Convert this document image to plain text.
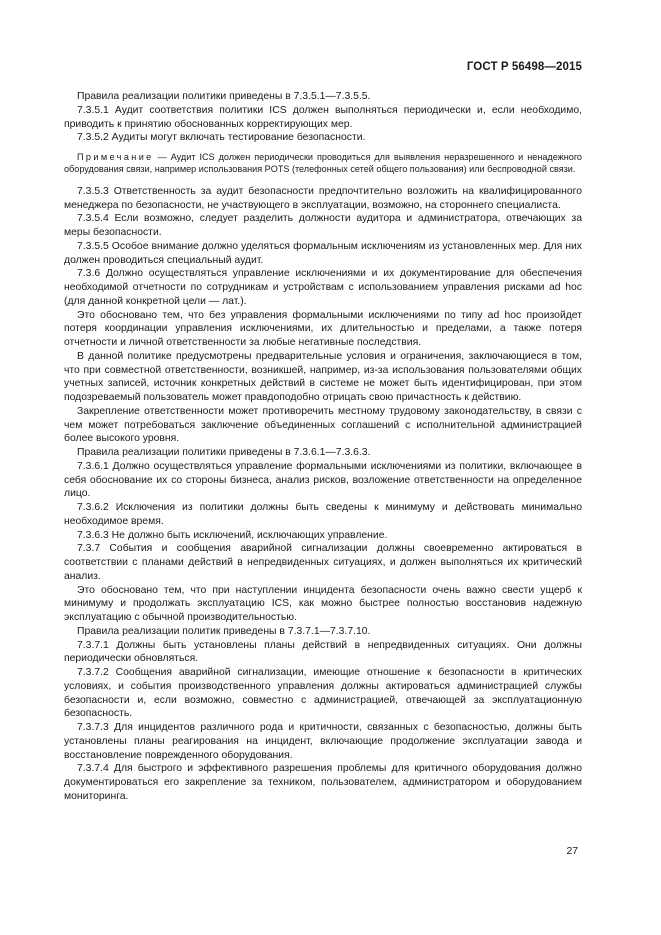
ГОСТ Р 56498—2015

Правила реализации политики приведены в 7.3.5.1—7.3.5.5.

7.3.5.1 Аудит соответствия политики ICS должен выполняться периодически и, если необходимо, приводить к принятию обоснованных корректирующих мер.

7.3.5.2 Аудиты могут включать тестирование безопасности.

Примечание — Аудит ICS должен периодически проводиться для выявления неразрешенного и ненадежного оборудования связи, например использования POTS (телефонных сетей общего пользования) или беспроводной связи.

7.3.5.3 Ответственность за аудит безопасности предпочтительно возложить на квалифицированного менеджера по безопасности, не участвующего в эксплуатации, возможно, на стороннего специалиста.

7.3.5.4 Если возможно, следует разделить должности аудитора и администратора, отвечающих за меры безопасности.

7.3.5.5 Особое внимание должно уделяться формальным исключениям из установленных мер. Для них должен проводиться специальный аудит.

7.3.6 Должно осуществляться управление исключениями и их документирование для обеспечения необходимой отчетности по сотрудникам и устройствам с использованием управления рисками ad hoc (для данной конкретной цели — лат.).

Это обосновано тем, что без управления формальными исключениями по типу ad hoc произойдет потеря координации управления исключениями, их длительностью и пределами, а также потеря отчетности и личной ответственности за любые негативные последствия.

В данной политике предусмотрены предварительные условия и ограничения, заключающиеся в том, что при совместной ответственности, возникшей, например, из-за использования пользователями общих учетных записей, источник конкретных действий в системе не может быть идентифицирован, при этом подозреваемый пользователь может правдоподобно отрицать свою причастность к действию.

Закрепление ответственности может противоречить местному трудовому законодательству, в связи с чем может потребоваться заключение объединенных соглашений с исполнительной администрацией более высокого уровня.

Правила реализации политики приведены в 7.3.6.1—7.3.6.3.

7.3.6.1 Должно осуществляться управление формальными исключениями из политики, включающее в себя обоснование их со стороны бизнеса, анализ рисков, возложение ответственности на определенное лицо.

7.3.6.2 Исключения из политики должны быть сведены к минимуму и действовать минимально необходимое время.

7.3.6.3 Не должно быть исключений, исключающих управление.

7.3.7 События и сообщения аварийной сигнализации должны своевременно актироваться в соответствии с планами действий в непредвиденных ситуациях, и должен выполняться их критический анализ.

Это обосновано тем, что при наступлении инцидента безопасности очень важно свести ущерб к минимуму и продолжать эксплуатацию ICS, как можно быстрее полностью восстановив надежную эксплуатацию с обычной производительностью.

Правила реализации политик приведены в 7.3.7.1—7.3.7.10.

7.3.7.1 Должны быть установлены планы действий в непредвиденных ситуациях. Они должны периодически обновляться.

7.3.7.2 Сообщения аварийной сигнализации, имеющие отношение к безопасности в критических условиях, и события производственного управления должны актироваться администрацией службы безопасности и, если возможно, совместно с администрацией, отвечающей за эксплуатационную безопасность.

7.3.7.3 Для инцидентов различного рода и критичности, связанных с безопасностью, должны быть установлены планы реагирования на инцидент, включающие продолжение эксплуатации завода и восстановление поврежденного оборудования.

7.3.7.4 Для быстрого и эффективного разрешения проблемы для критичного оборудования должно документироваться его закрепление за техником, пользователем, администратором и оборудованием мониторинга.

27
